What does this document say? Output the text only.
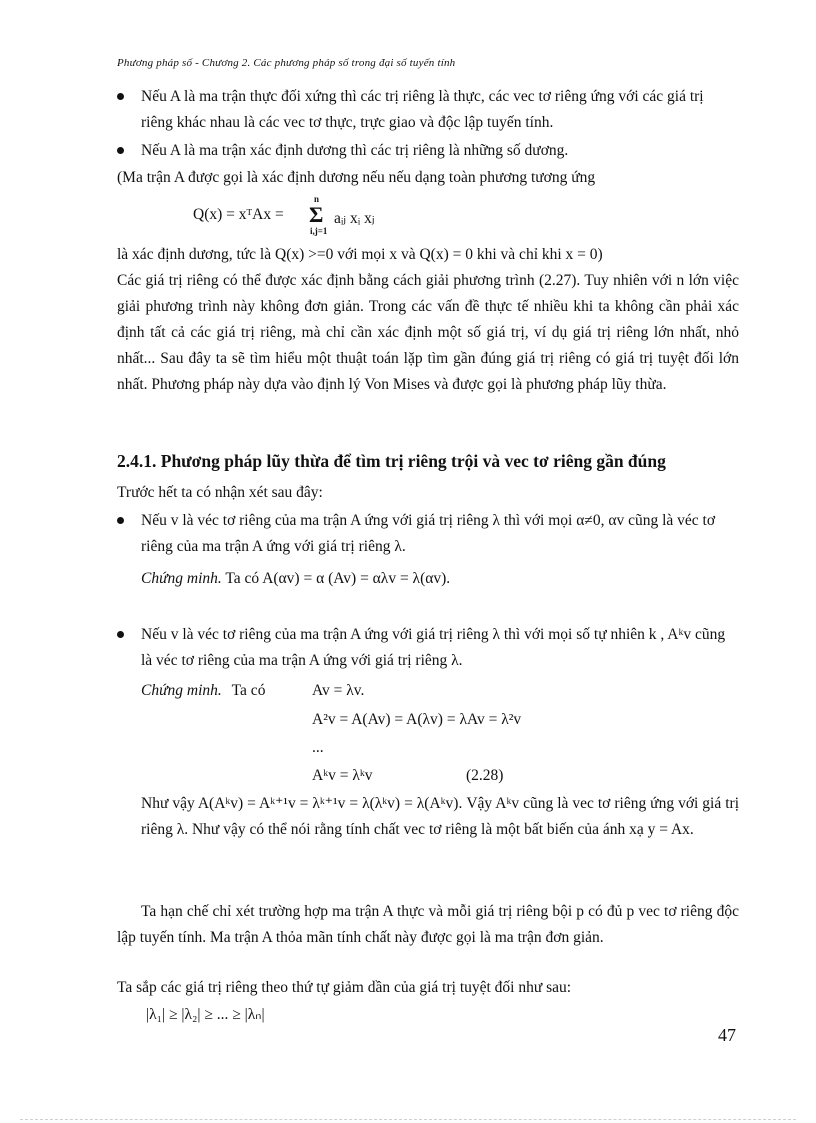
Phương pháp số - Chương 2. Các phương pháp số trong đại số tuyến tính
Nếu A là ma trận thực đối xứng thì các trị riêng là thực, các vec tơ riêng ứng với các giá trị riêng khác nhau là các vec tơ thực, trực giao và độc lập tuyến tính.
Nếu A là ma trận xác định dương thì các trị riêng là những số dương.
(Ma trận A được gọi là xác định dương nếu nếu dạng toàn phương tương ứng
Q(x) = xᵀAx =
n
Σ
i,j=1
aᵢⱼ xᵢ xⱼ
là xác định dương, tức là Q(x) >=0 với mọi x và Q(x) = 0 khi và chỉ khi x = 0)
Các giá trị riêng có thể được xác định bằng cách giải phương trình (2.27). Tuy nhiên với n lớn việc giải phương trình này không đơn giản. Trong các vấn đề thực tế nhiều khi ta không cần phải xác định tất cả các giá trị riêng, mà chỉ cần xác định một số giá trị, ví dụ giá trị riêng lớn nhất, nhỏ nhất... Sau đây ta sẽ tìm hiểu một thuật toán lặp tìm gần đúng giá trị riêng có giá trị tuyệt đối lớn nhất. Phương pháp này dựa vào định lý Von Mises và được gọi là phương pháp lũy thừa.
2.4.1. Phương pháp lũy thừa để tìm trị riêng trội và vec tơ riêng gần đúng
Trước hết ta có nhận xét sau đây:
Nếu v là véc tơ riêng của ma trận A ứng với giá trị riêng λ thì với mọi α≠0, αv cũng là véc tơ riêng của ma trận A ứng với giá trị riêng λ.
Chứng minh. Ta có A(αv) = α (Av) = αλv = λ(αv).
Nếu v là véc tơ riêng của ma trận A ứng với giá trị riêng λ thì với mọi số tự nhiên k , Aᵏv cũng là véc tơ riêng của ma trận A ứng với giá trị riêng λ.
Chứng minh. Ta có	Av = λv.
A²v = A(Av) = A(λv) = λAv = λ²v
...
Aᵏv = λᵏv	(2.28)
Như vậy A(Aᵏv) = Aᵏ⁺¹v = λᵏ⁺¹v = λ(λᵏv) = λ(Aᵏv). Vậy Aᵏv cũng là vec tơ riêng ứng với giá trị riêng λ. Như vậy có thể nói rằng tính chất vec tơ riêng là một bất biến của ánh xạ y = Ax.
Ta hạn chế chỉ xét trường hợp ma trận A thực và mỗi giá trị riêng bội p có đủ p vec tơ riêng độc lập tuyến tính. Ma trận A thỏa mãn tính chất này được gọi là ma trận đơn giản.
Ta sắp các giá trị riêng theo thứ tự giảm dần của giá trị tuyệt đối như sau:
|λ₁| ≥ |λ₂| ≥ ... ≥ |λₙ|
47
